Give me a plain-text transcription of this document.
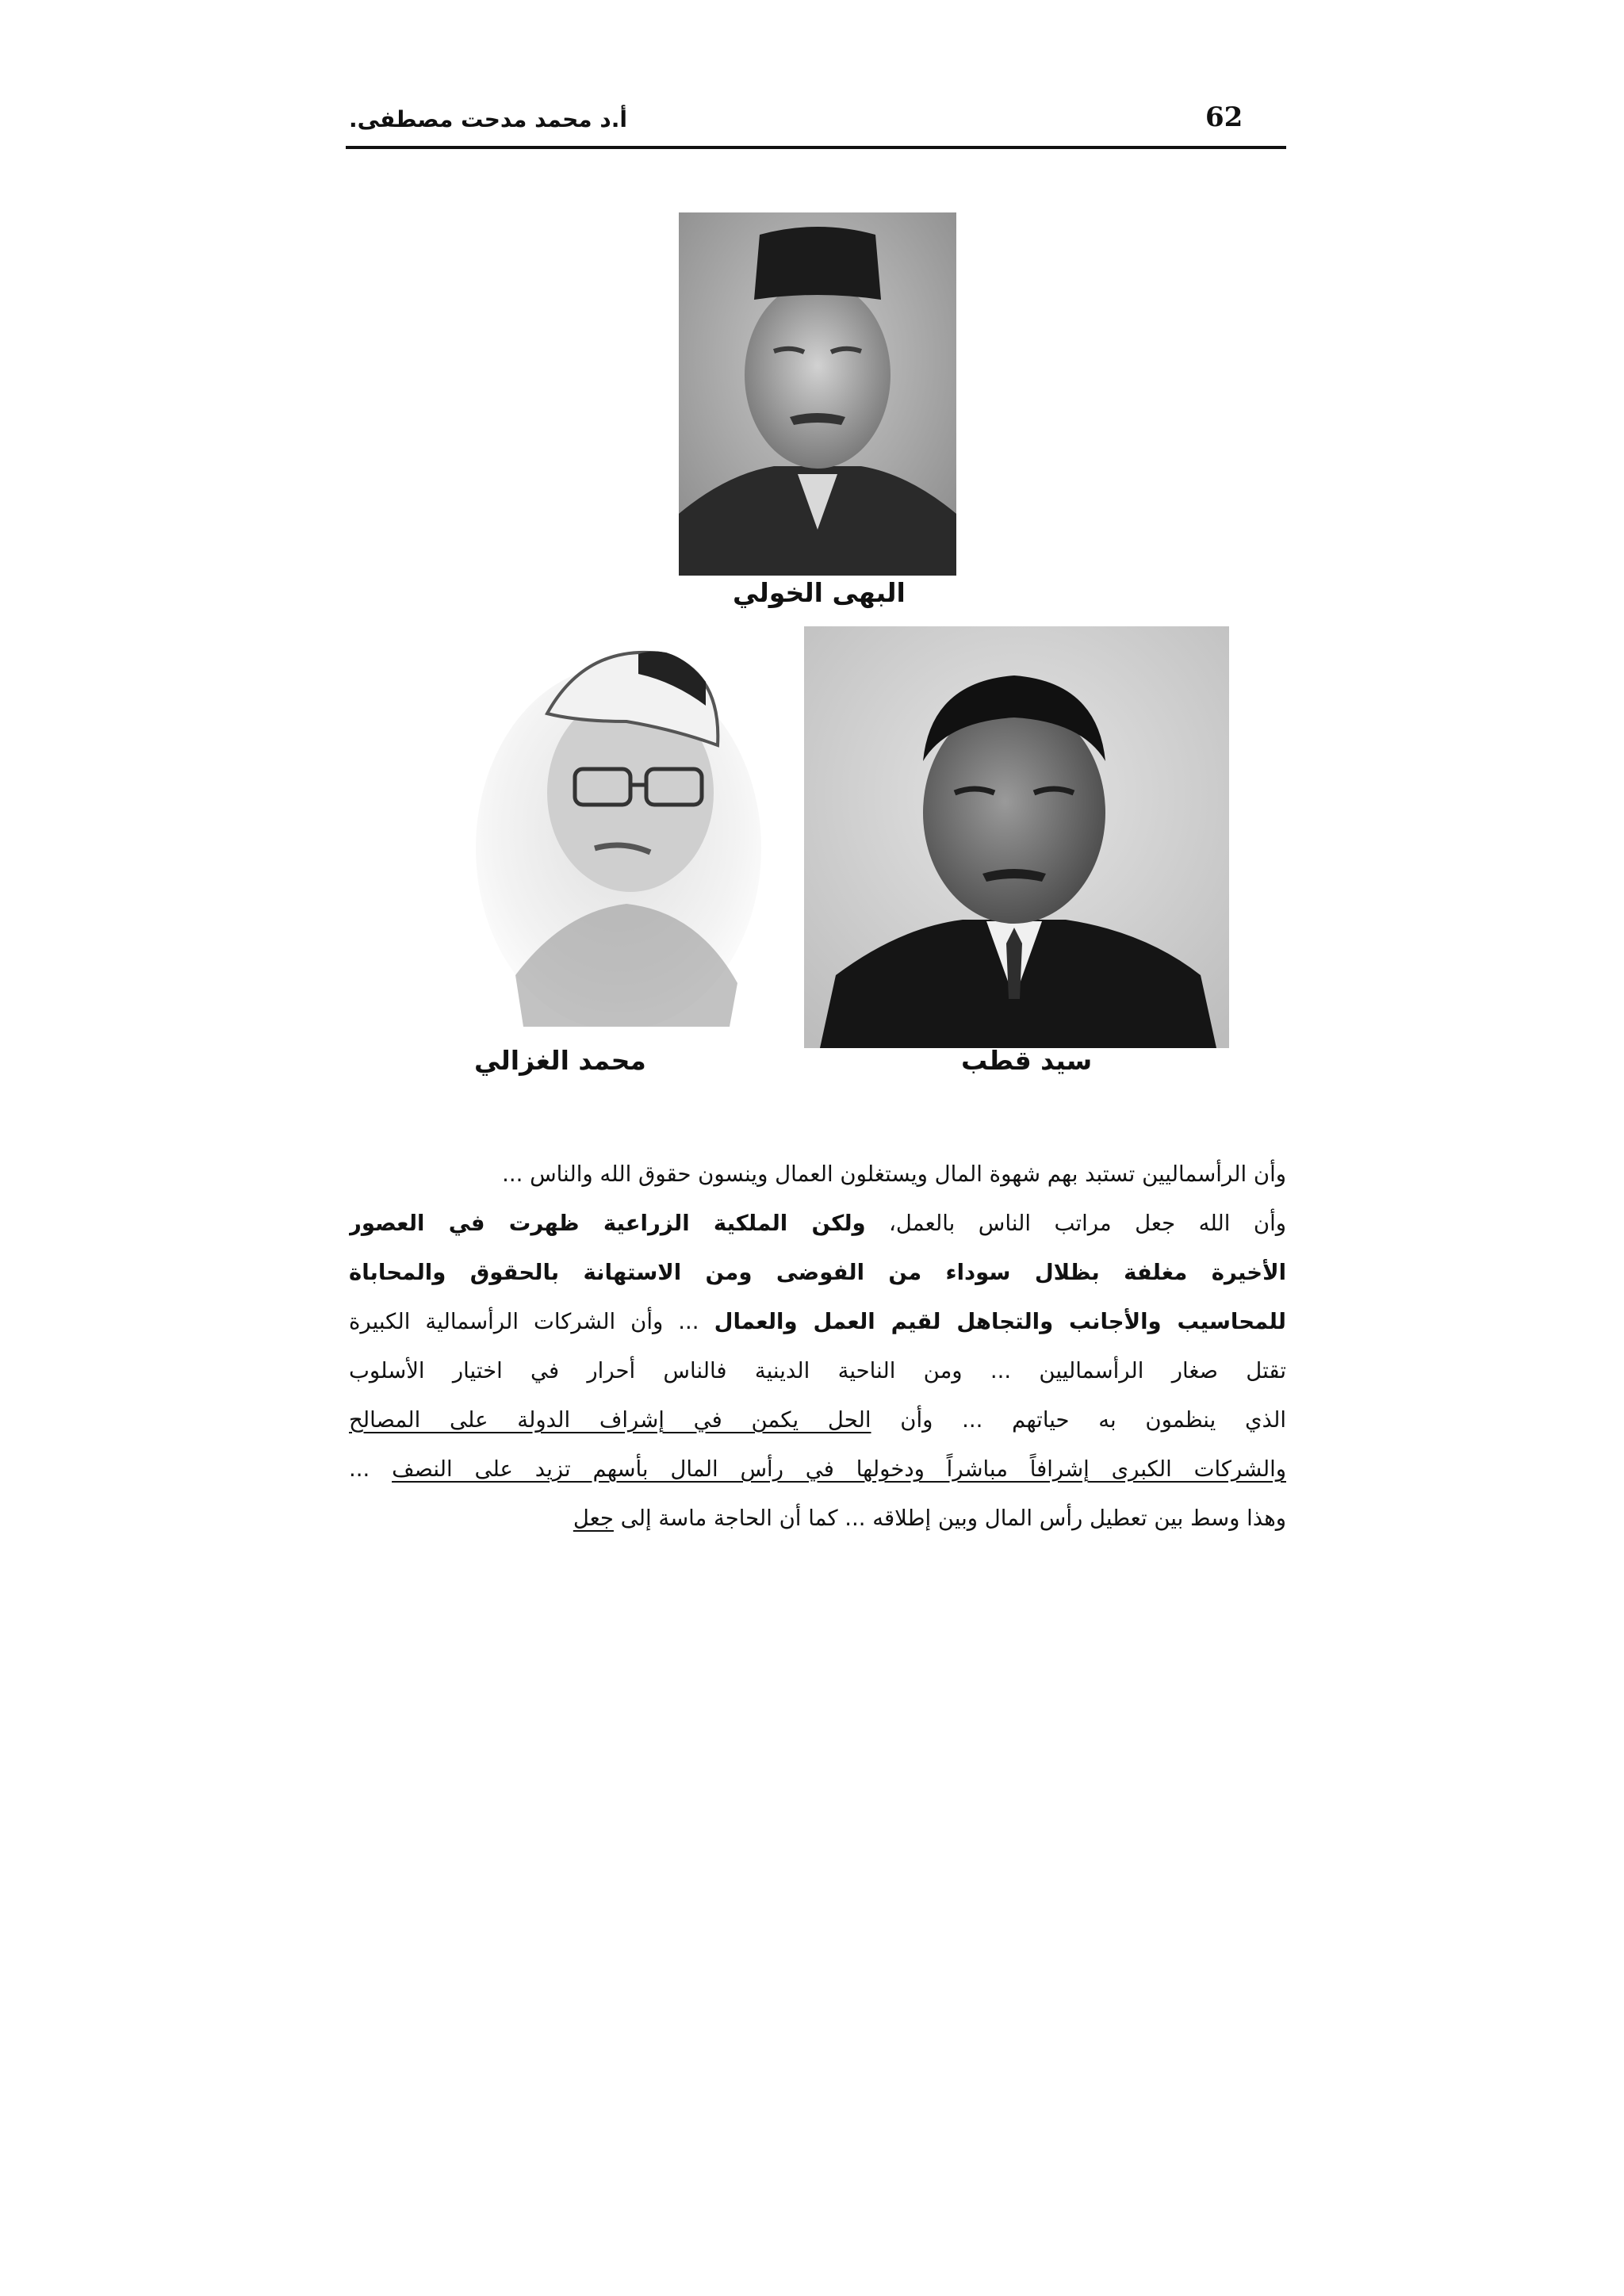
62
أ.د محمد مدحت مصطفى.
البهى الخولي
محمد الغزالي	سيد قطب
وأن الرأسماليين تستبد بهم شهوة المال ويستغلون العمال وينسون حقوق الله والناس ...
وأن الله جعل مراتب الناس بالعمل، ولكن الملكية الزراعية ظهرت في العصور
الأخيرة مغلفة بظلال سوداء من الفوضى ومن الاستهانة بالحقوق والمحاباة
للمحاسيب والأجانب والتجاهل لقيم العمل والعمال ... وأن الشركات الرأسمالية الكبيرة
تقتل صغار الرأسماليين ... ومن الناحية الدينية فالناس أحرار في اختيار الأسلوب
الذي ينظمون به حياتهم ... وأن الحل يكمن في إشراف الدولة على المصالح
والشركات الكبرى إشرافاً مباشراً ودخولها في رأس المال بأسهم تزيد على النصف ...
وهذا وسط بين تعطيل رأس المال وبين إطلاقه ... كما أن الحاجة ماسة إلى جعل
